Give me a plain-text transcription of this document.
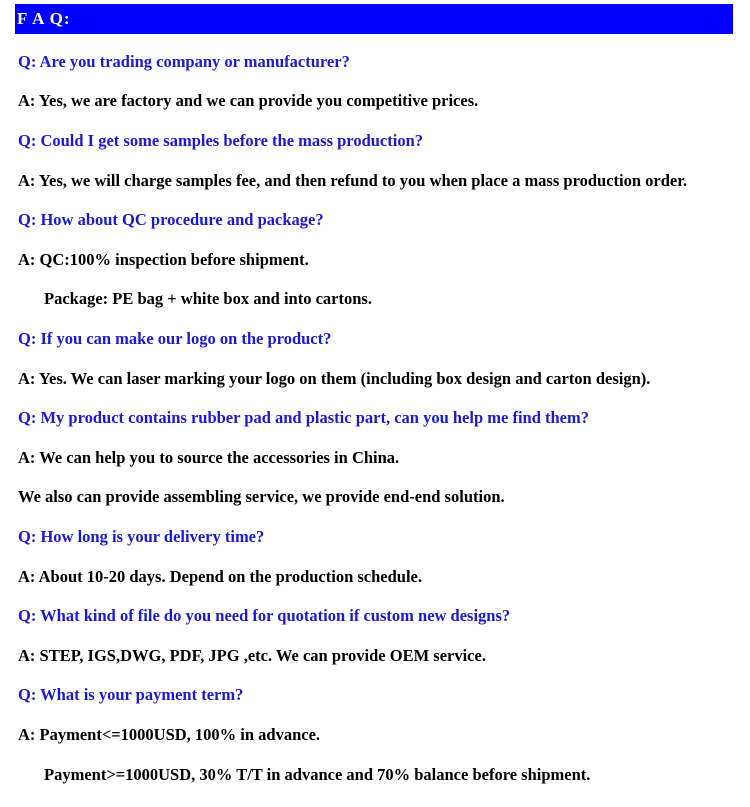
F A Q:
Q: Are you trading company or manufacturer?
A: Yes, we are factory and we can provide you competitive prices.
Q: Could I get some samples before the mass production?
A: Yes, we will charge samples fee, and then refund to you when place a mass production order.
Q: How about QC procedure and package?
A: QC:100% inspection before shipment.
Package: PE bag + white box and into cartons.
Q: If you can make our logo on the product?
A: Yes. We can laser marking your logo on them (including box design and carton design).
Q: My product contains rubber pad and plastic part, can you help me find them?
A: We can help you to source the accessories in China.
We also can provide assembling service, we provide end-end solution.
Q: How long is your delivery time?
A: About 10-20 days. Depend on the production schedule.
Q: What kind of file do you need for quotation if custom new designs?
A: STEP, IGS,DWG, PDF, JPG ,etc. We can provide OEM service.
Q: What is your payment term?
A: Payment<=1000USD, 100% in advance.
Payment>=1000USD, 30% T/T in advance and 70% balance before shipment.
